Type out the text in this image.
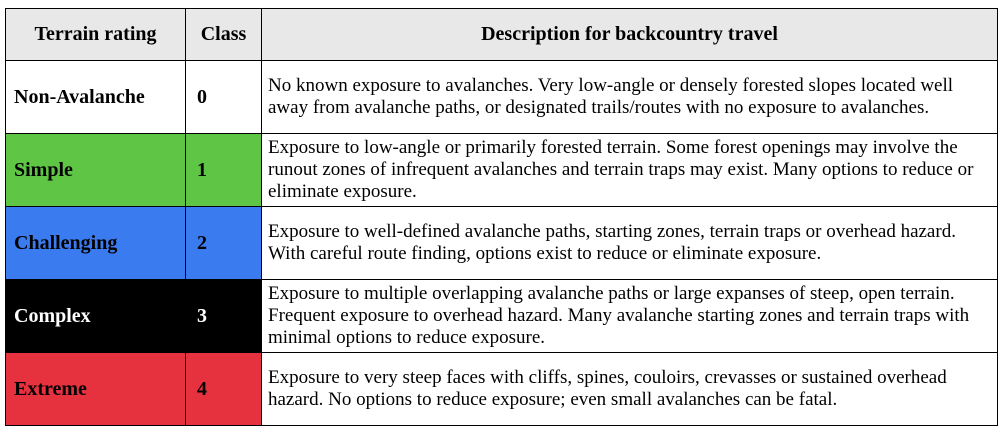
Terrain rating	Class	Description for backcountry travel
Non-Avalanche	0	No known exposure to avalanches. Very low-angle or densely forested slopes located well away from avalanche paths, or designated trails/routes with no exposure to avalanches.
Simple	1	Exposure to low-angle or primarily forested terrain. Some forest openings may involve the runout zones of infrequent avalanches and terrain traps may exist. Many options to reduce or eliminate exposure.
Challenging	2	Exposure to well-defined avalanche paths, starting zones, terrain traps or overhead hazard. With careful route finding, options exist to reduce or eliminate exposure.
Complex	3	Exposure to multiple overlapping avalanche paths or large expanses of steep, open terrain. Frequent exposure to overhead hazard. Many avalanche starting zones and terrain traps with minimal options to reduce exposure.
Extreme	4	Exposure to very steep faces with cliffs, spines, couloirs, crevasses or sustained overhead hazard. No options to reduce exposure; even small avalanches can be fatal.
